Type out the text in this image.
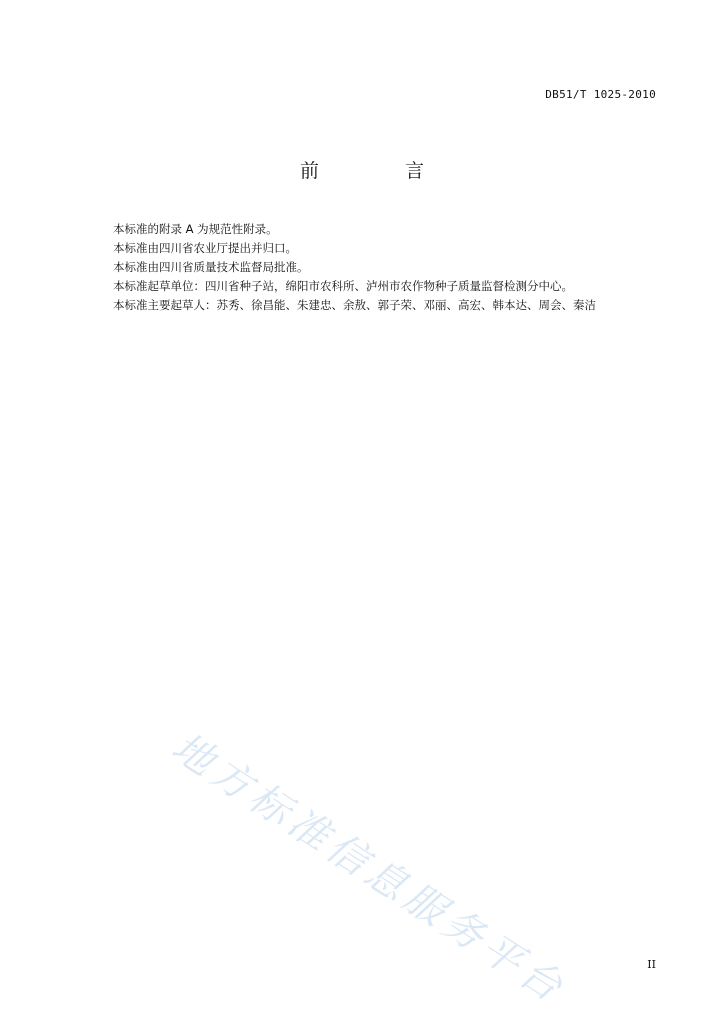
DB51/T 1025-2010
前 言
本标准的附录 A 为规范性附录。
本标准由四川省农业厅提出并归口。
本标准由四川省质量技术监督局批准。
本标准起草单位：四川省种子站，绵阳市农科所、泸州市农作物种子质量监督检测分中心。
本标准主要起草人：苏秀、徐昌能、朱建忠、余敖、郭子荣、邓丽、高宏、韩本达、周会、秦洁
地方标准信息服务平台	II
